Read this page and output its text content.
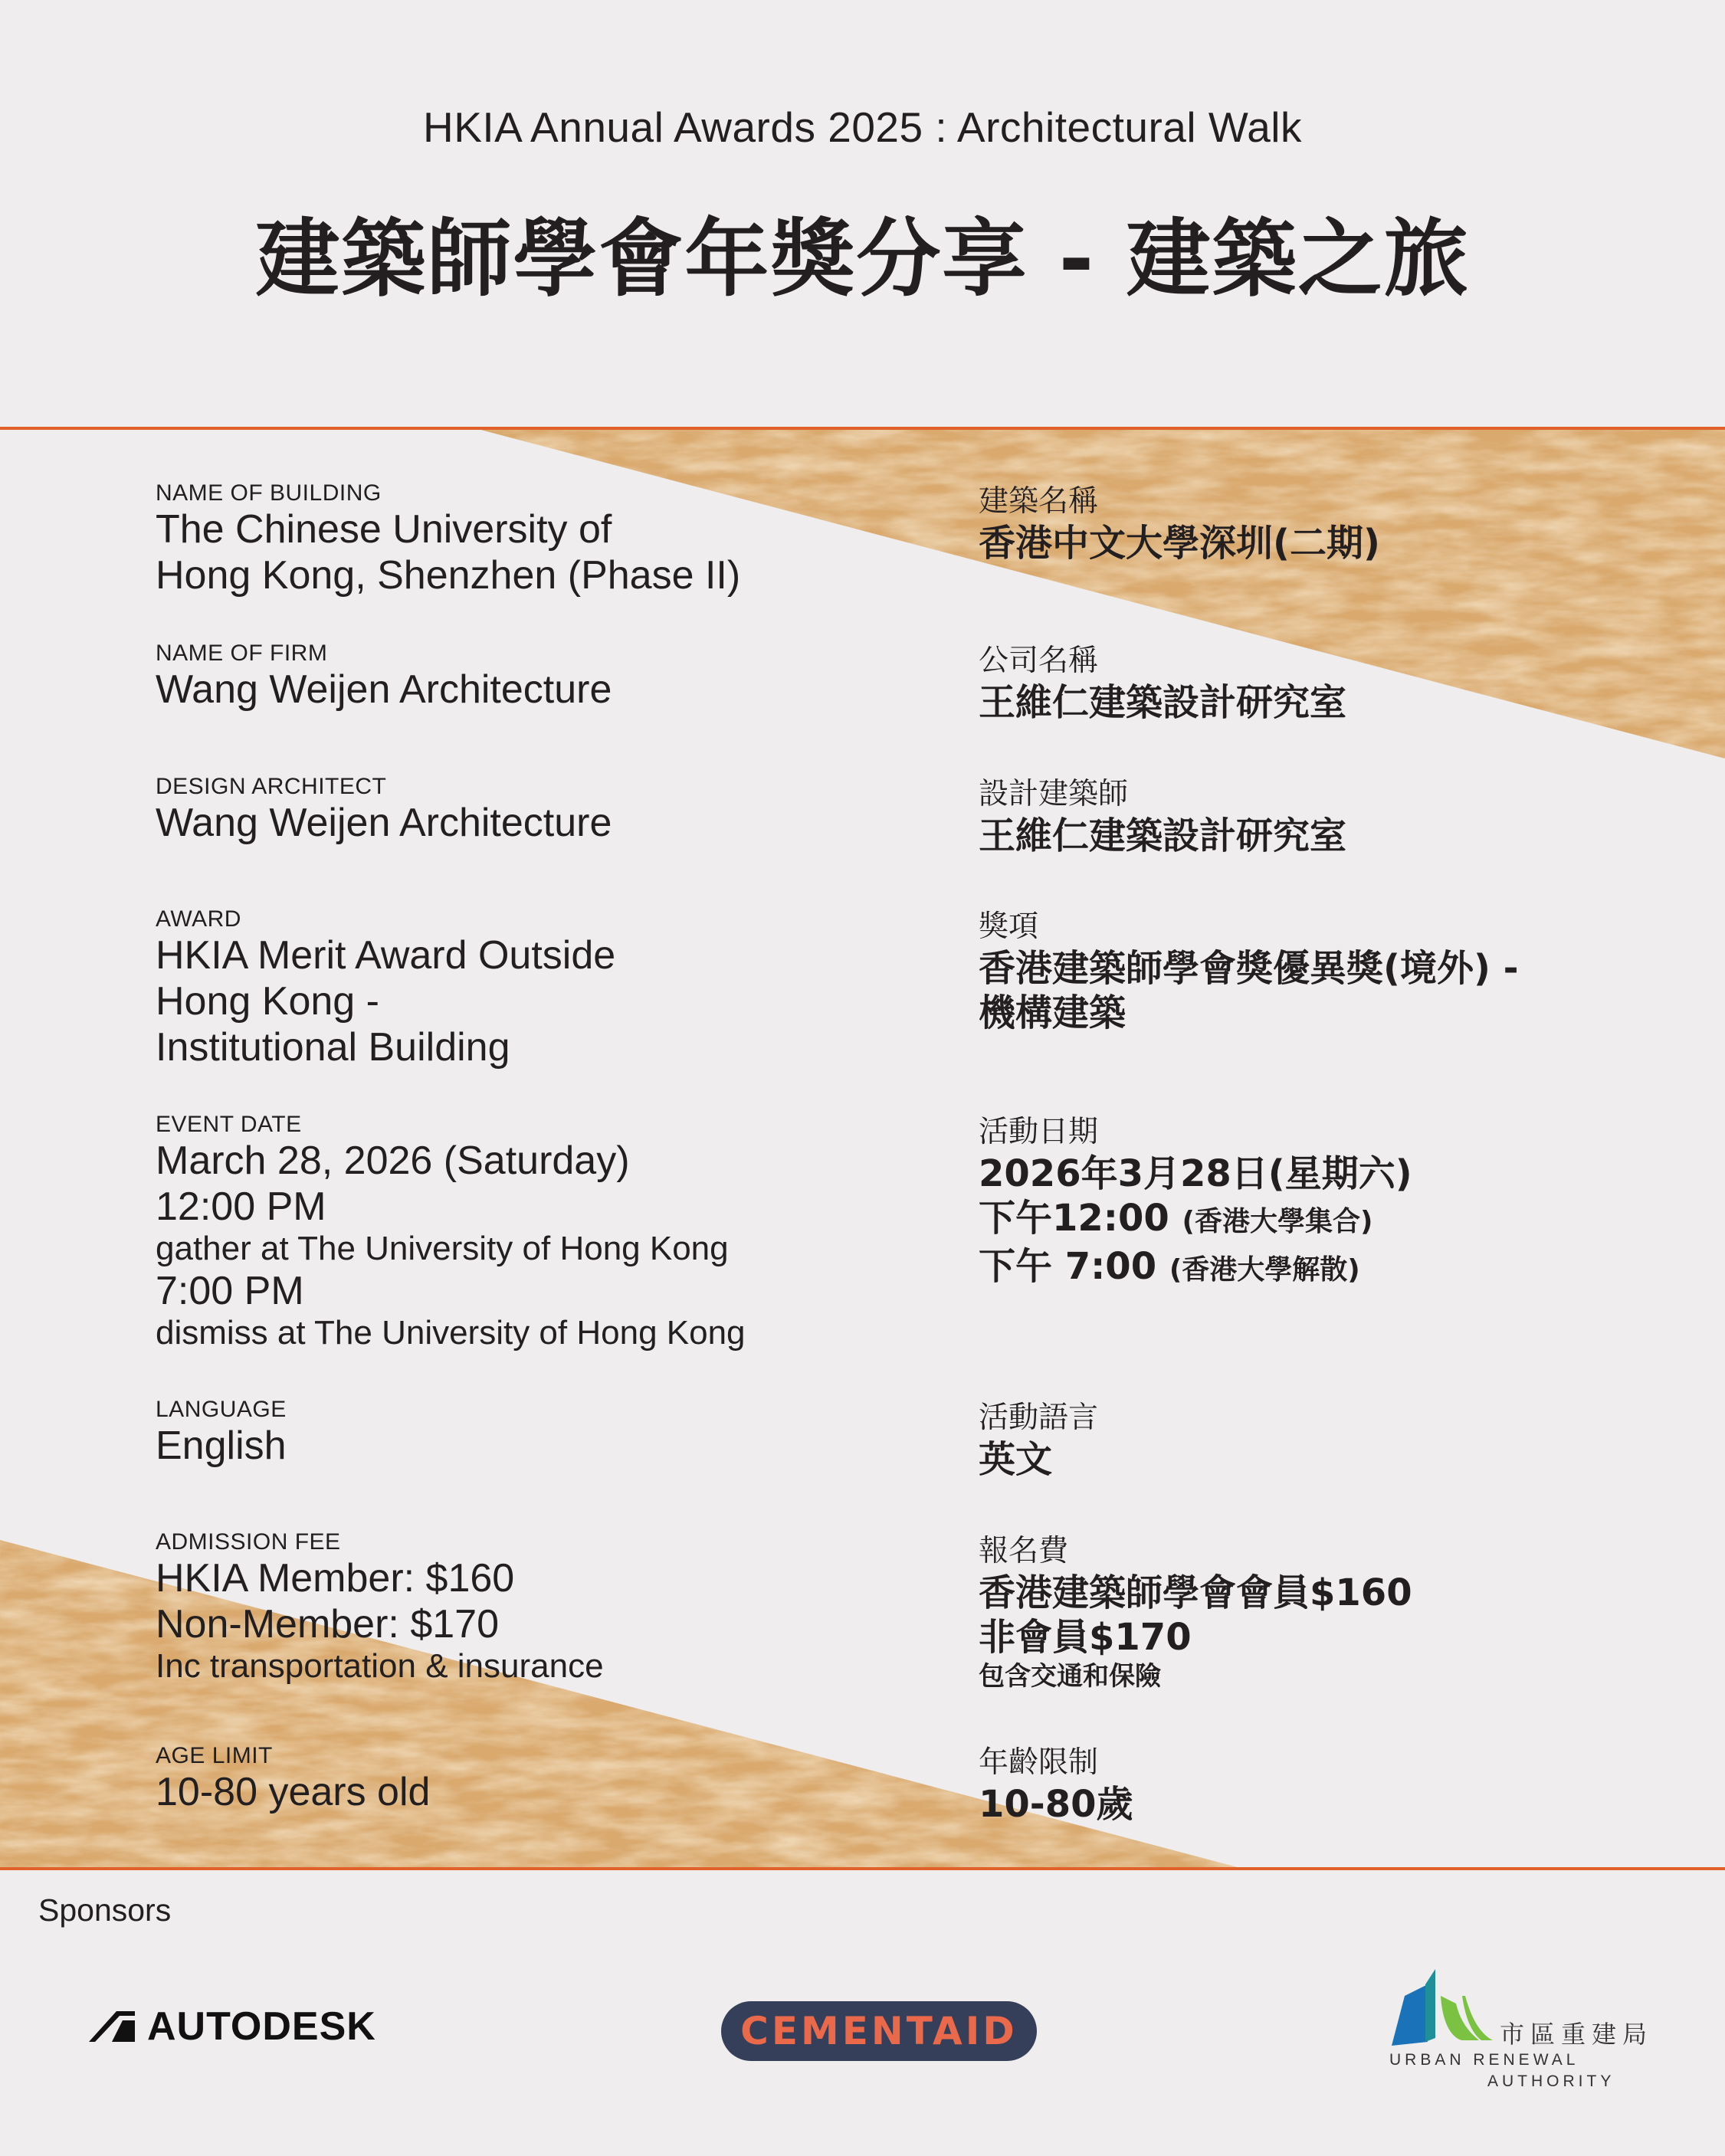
HKIA Annual Awards 2025 : Architectural Walk
建築師學會年獎分享 - 建築之旅
NAME OF BUILDING
The Chinese University of
Hong Kong, Shenzhen (Phase II)
建築名稱
香港中文大學深圳(二期)
NAME OF FIRM
Wang Weijen Architecture
公司名稱
王維仁建築設計研究室
DESIGN ARCHITECT
Wang Weijen Architecture
設計建築師
王維仁建築設計研究室
AWARD
HKIA Merit Award Outside
Hong Kong -
Institutional Building
獎項
香港建築師學會獎優異獎(境外) -
機構建築
EVENT DATE
March 28, 2026 (Saturday)
12:00 PM
gather at The University of Hong Kong
7:00 PM
dismiss at The University of Hong Kong
活動日期
2026年3月28日(星期六)
下午12:00 (香港大學集合)
下午 7:00 (香港大學解散)
LANGUAGE
English
活動語言
英文
ADMISSION FEE
HKIA Member: $160
Non-Member: $170
Inc transportation & insurance
報名費
香港建築師學會會員$160
非會員$170
包含交通和保險
AGE LIMIT
10-80 years old
年齡限制
10-80歲
Sponsors
AUTODESK	CEMENTAID	市區重建局
URBAN RENEWAL
AUTHORITY
